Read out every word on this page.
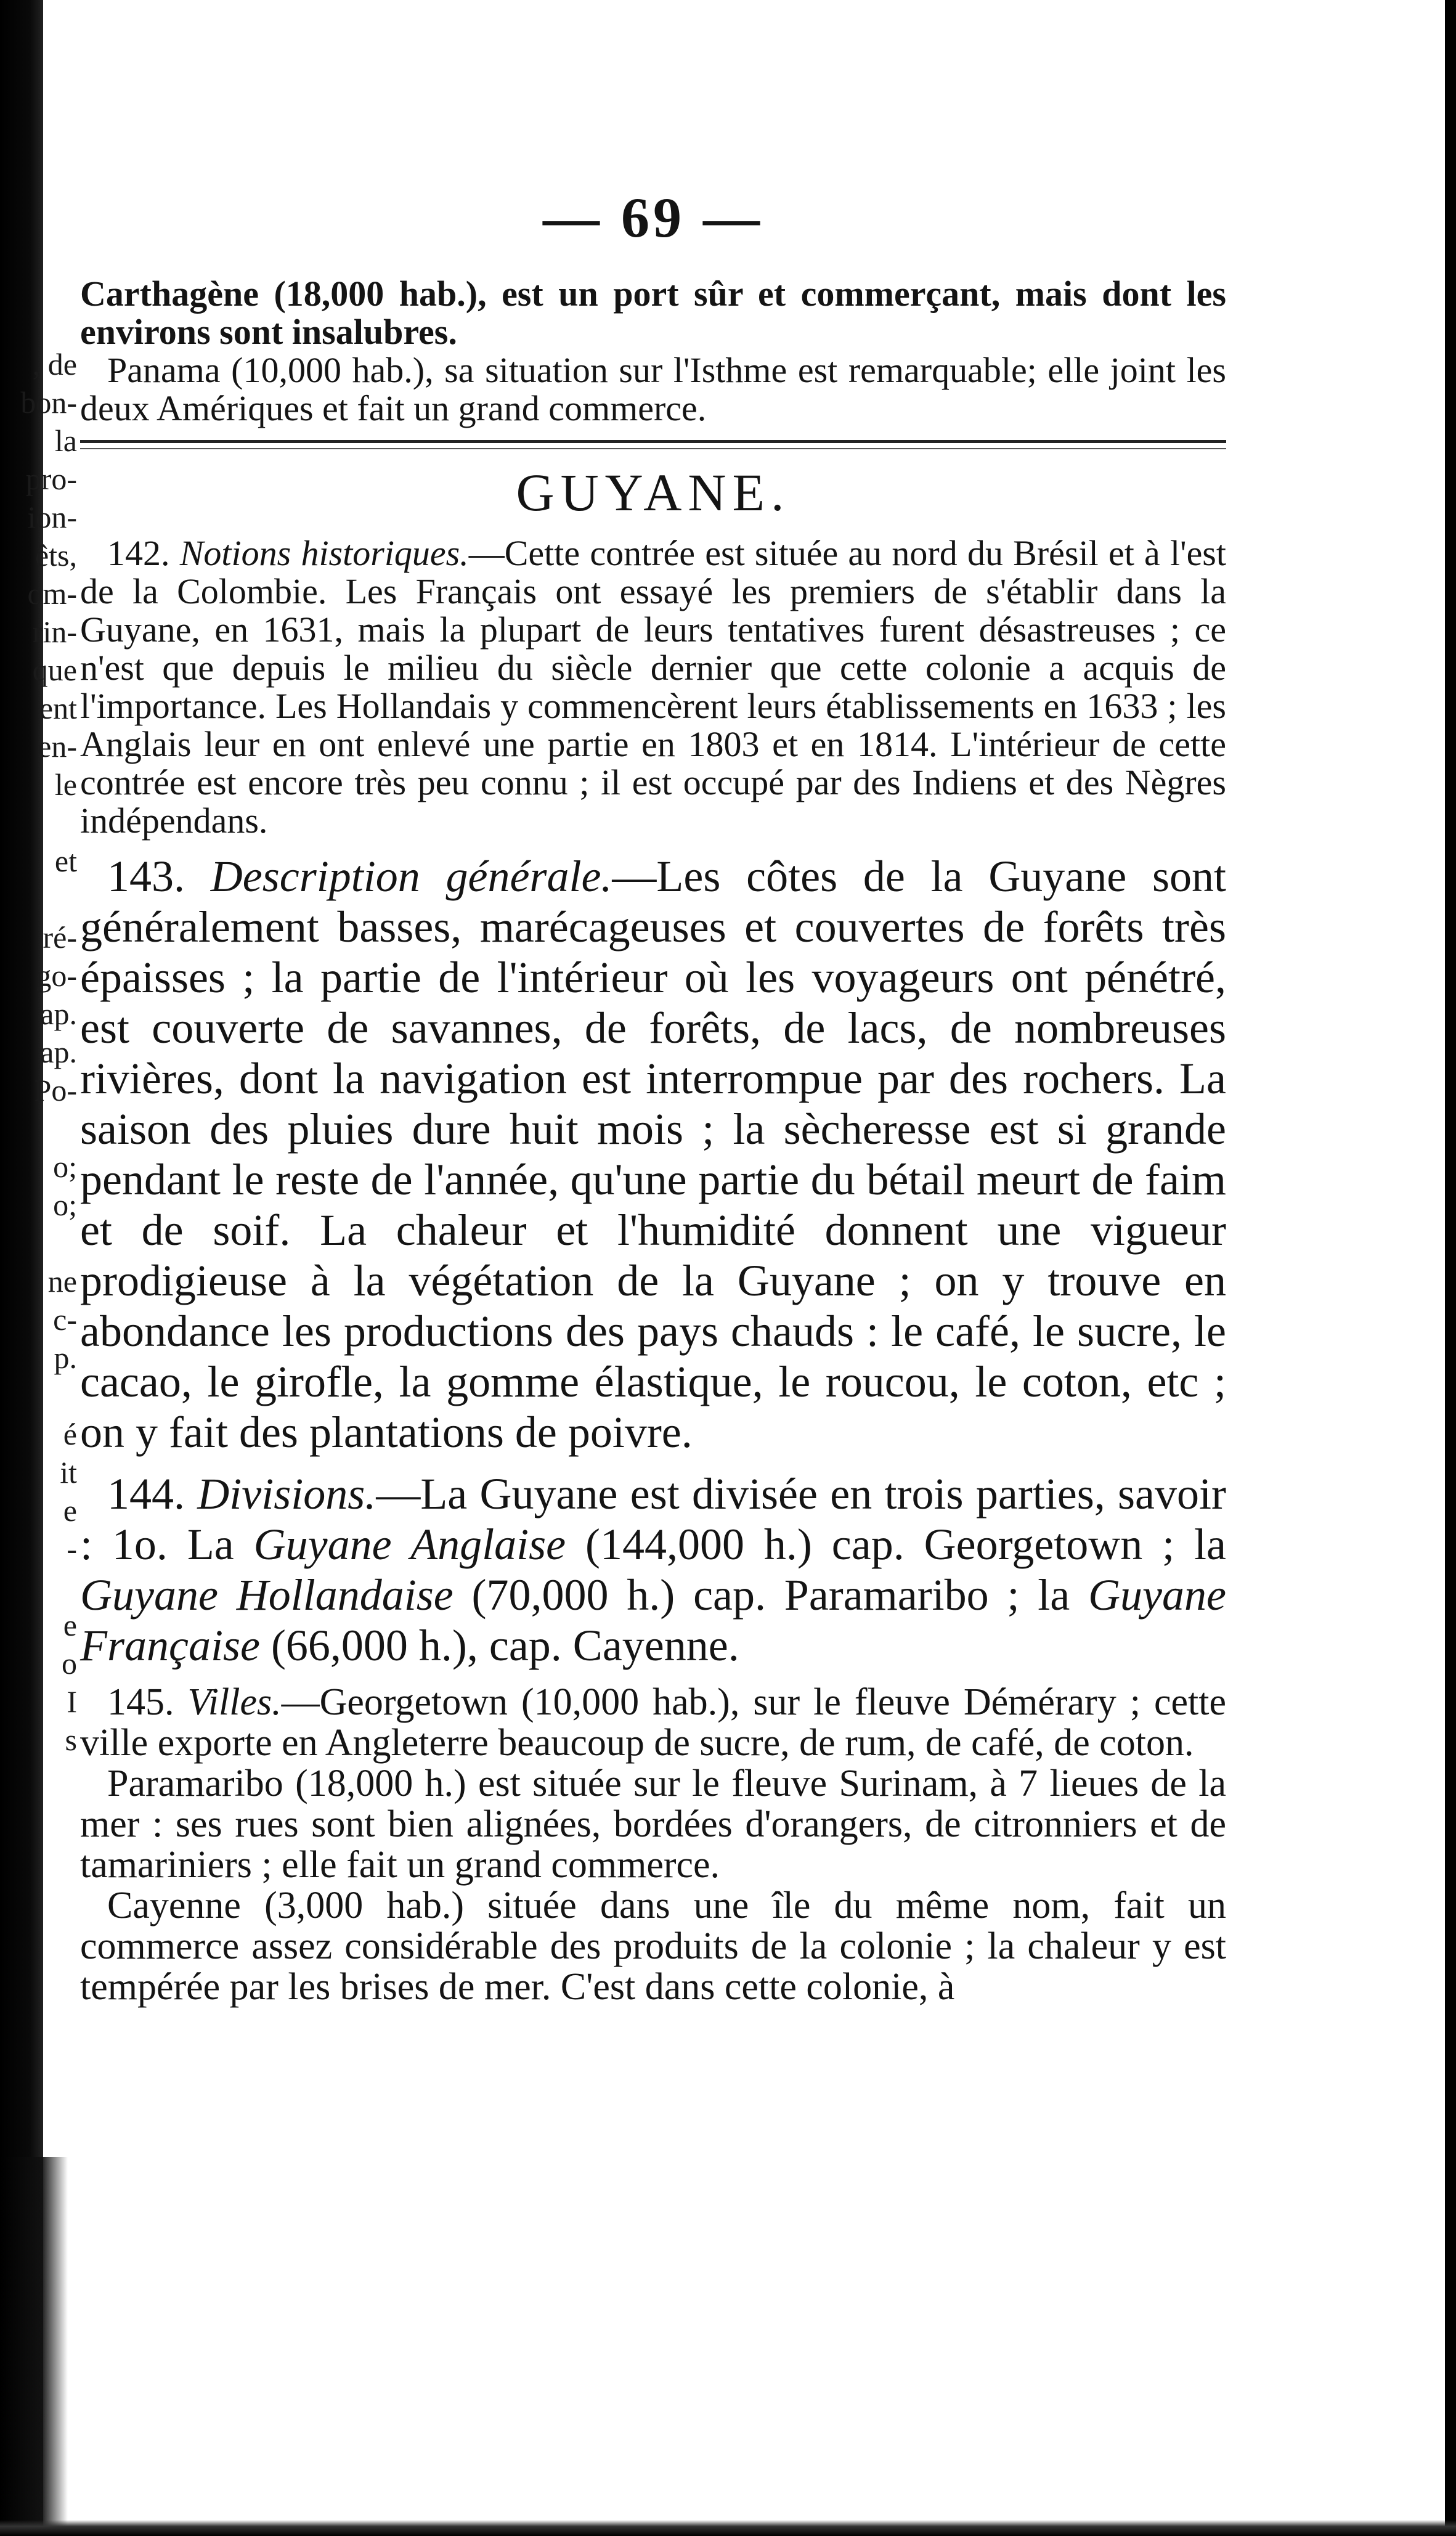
, de
bon-
la
pro-
ion-
êts,
om-
rin-
que
ent
en-
le
et
ré-
go-
ap.
ap.
Po-
o;
o;
ne
c-
p.
é
it
e
-
e
o
I
s
— 69 —

Carthagène (18,000 hab.), est un port sûr et commerçant, mais dont les environs sont insalubres.

Panama (10,000 hab.), sa situation sur l'Isthme est remarquable; elle joint les deux Amériques et fait un grand commerce.

GUYANE.

142. Notions historiques.—Cette contrée est située au nord du Brésil et à l'est de la Colombie. Les Français ont essayé les premiers de s'établir dans la Guyane, en 1631, mais la plupart de leurs tentatives furent désastreuses ; ce n'est que depuis le milieu du siècle dernier que cette colonie a acquis de l'importance. Les Hollandais y commencèrent leurs établissements en 1633 ; les Anglais leur en ont enlevé une partie en 1803 et en 1814. L'intérieur de cette contrée est encore très peu connu ; il est occupé par des Indiens et des Nègres indépendans.

143. Description générale.—Les côtes de la Guyane sont généralement basses, marécageuses et couvertes de forêts très épaisses ; la partie de l'intérieur où les voyageurs ont pénétré, est couverte de savannes, de forêts, de lacs, de nombreuses rivières, dont la navigation est interrompue par des rochers. La saison des pluies dure huit mois ; la sècheresse est si grande pendant le reste de l'année, qu'une partie du bétail meurt de faim et de soif. La chaleur et l'humidité donnent une vigueur prodigieuse à la végétation de la Guyane ; on y trouve en abondance les productions des pays chauds : le café, le sucre, le cacao, le girofle, la gomme élastique, le roucou, le coton, etc ; on y fait des plantations de poivre.

144. Divisions.—La Guyane est divisée en trois parties, savoir : 1o. La Guyane Anglaise (144,000 h.) cap. Georgetown ; la Guyane Hollandaise (70,000 h.) cap. Paramaribo ; la Guyane Française (66,000 h.), cap. Cayenne.

145. Villes.—Georgetown (10,000 hab.), sur le fleuve Démérary ; cette ville exporte en Angleterre beaucoup de sucre, de rum, de café, de coton.

Paramaribo (18,000 h.) est située sur le fleuve Surinam, à 7 lieues de la mer : ses rues sont bien alignées, bordées d'orangers, de citronniers et de tamariniers ; elle fait un grand commerce.

Cayenne (3,000 hab.) située dans une île du même nom, fait un commerce assez considérable des produits de la colonie ; la chaleur y est tempérée par les brises de mer. C'est dans cette colonie, à
